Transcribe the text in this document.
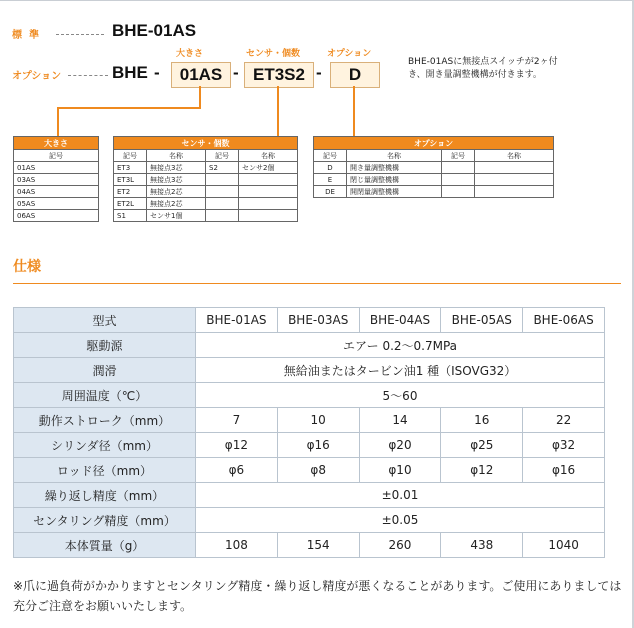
標準	BHE-01AS
オプション	BHE -
大きさ
01AS -
センサ・個数
ET3S2 -
オプション
D
BHE-01ASに無接点スイッチが2ヶ付き、開き量調整機構が付きます。
大きさ
記号
01AS
03AS
04AS
05AS
06AS
センサ・個数			
記号	名称	記号	名称
ET3	無接点3芯	S2	センサ2個
ET3L	無接点3芯		
ET2	無接点2芯		
ET2L	無接点2芯		
S1	センサ1個		
オプション			
記号	名称	記号	名称
D	開き量調整機構		
E	閉じ量調整機構		
DE	開閉量調整機構		
仕様
型式	BHE-01AS	BHE-03AS	BHE-04AS	BHE-05AS	BHE-06AS
駆動源	エアー 0.2〜0.7MPa				
潤滑	無給油またはタービン油1 種（ISOVG32）				
周囲温度（℃）	5〜60				
動作ストローク（mm）	7	10	14	16	22
シリンダ径（mm）	φ12	φ16	φ20	φ25	φ32
ロッド径（mm）	φ6	φ8	φ10	φ12	φ16
繰り返し精度（mm）	±0.01				
センタリング精度（mm）	±0.05				
本体質量（g）	108	154	260	438	1040
※爪に過負荷がかかりますとセンタリング精度・繰り返し精度が悪くなることがあります。ご使用にありましては充分ご注意をお願いいたします。
